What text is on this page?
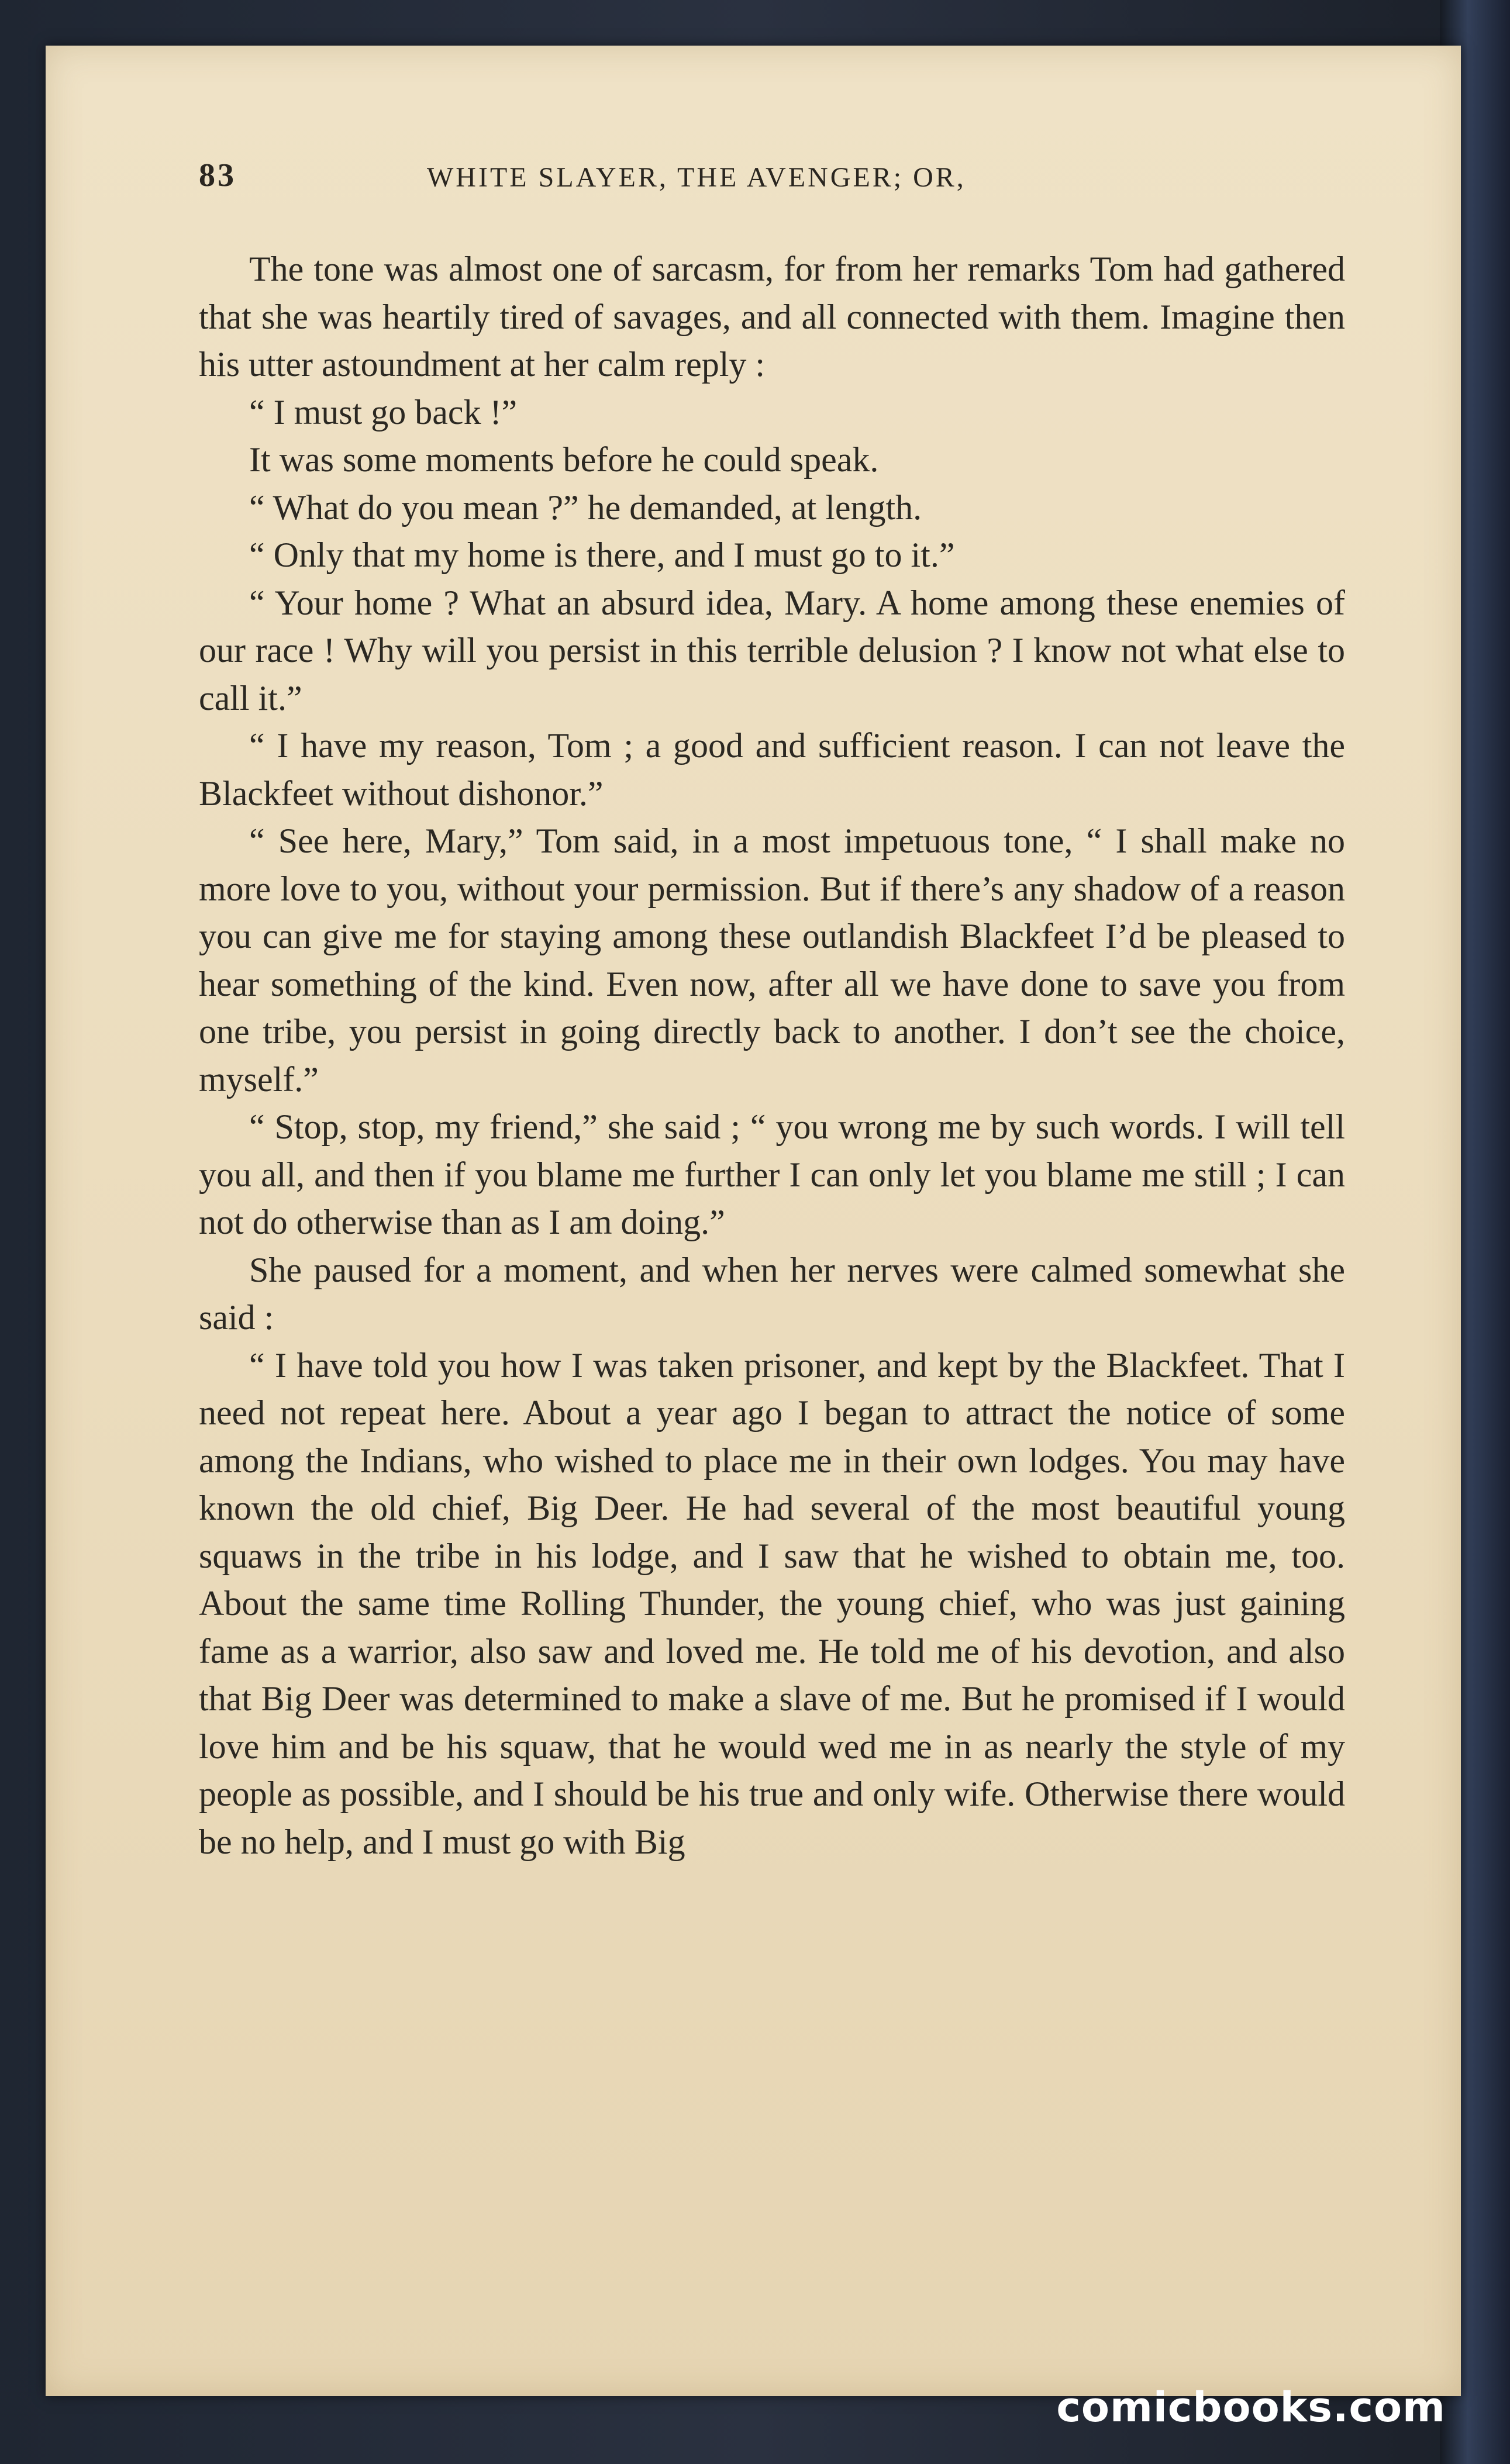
83	WHITE SLAYER, THE AVENGER; OR,

The tone was almost one of sarcasm, for from her remarks Tom had gathered that she was heartily tired of savages, and all connected with them. Imagine then his utter astoundment at her calm reply :

“ I must go back !”

It was some moments before he could speak.

“ What do you mean ?” he demanded, at length.

“ Only that my home is there, and I must go to it.”

“ Your home ? What an absurd idea, Mary. A home among these enemies of our race ! Why will you persist in this terrible delusion ? I know not what else to call it.”

“ I have my reason, Tom ; a good and sufficient reason. I can not leave the Blackfeet without dishonor.”

“ See here, Mary,” Tom said, in a most impetuous tone, “ I shall make no more love to you, without your permission. But if there’s any shadow of a reason you can give me for staying among these outlandish Blackfeet I’d be pleased to hear something of the kind. Even now, after all we have done to save you from one tribe, you persist in going directly back to another. I don’t see the choice, myself.”

“ Stop, stop, my friend,” she said ; “ you wrong me by such words. I will tell you all, and then if you blame me further I can only let you blame me still ; I can not do otherwise than as I am doing.”

She paused for a moment, and when her nerves were calmed somewhat she said :

“ I have told you how I was taken prisoner, and kept by the Blackfeet. That I need not repeat here. About a year ago I began to attract the notice of some among the Indians, who wished to place me in their own lodges. You may have known the old chief, Big Deer. He had several of the most beautiful young squaws in the tribe in his lodge, and I saw that he wished to obtain me, too. About the same time Rolling Thunder, the young chief, who was just gaining fame as a warrior, also saw and loved me. He told me of his devotion, and also that Big Deer was determined to make a slave of me. But he promised if I would love him and be his squaw, that he would wed me in as nearly the style of my people as possible, and I should be his true and only wife. Otherwise there would be no help, and I must go with Big

comicbooks.com
